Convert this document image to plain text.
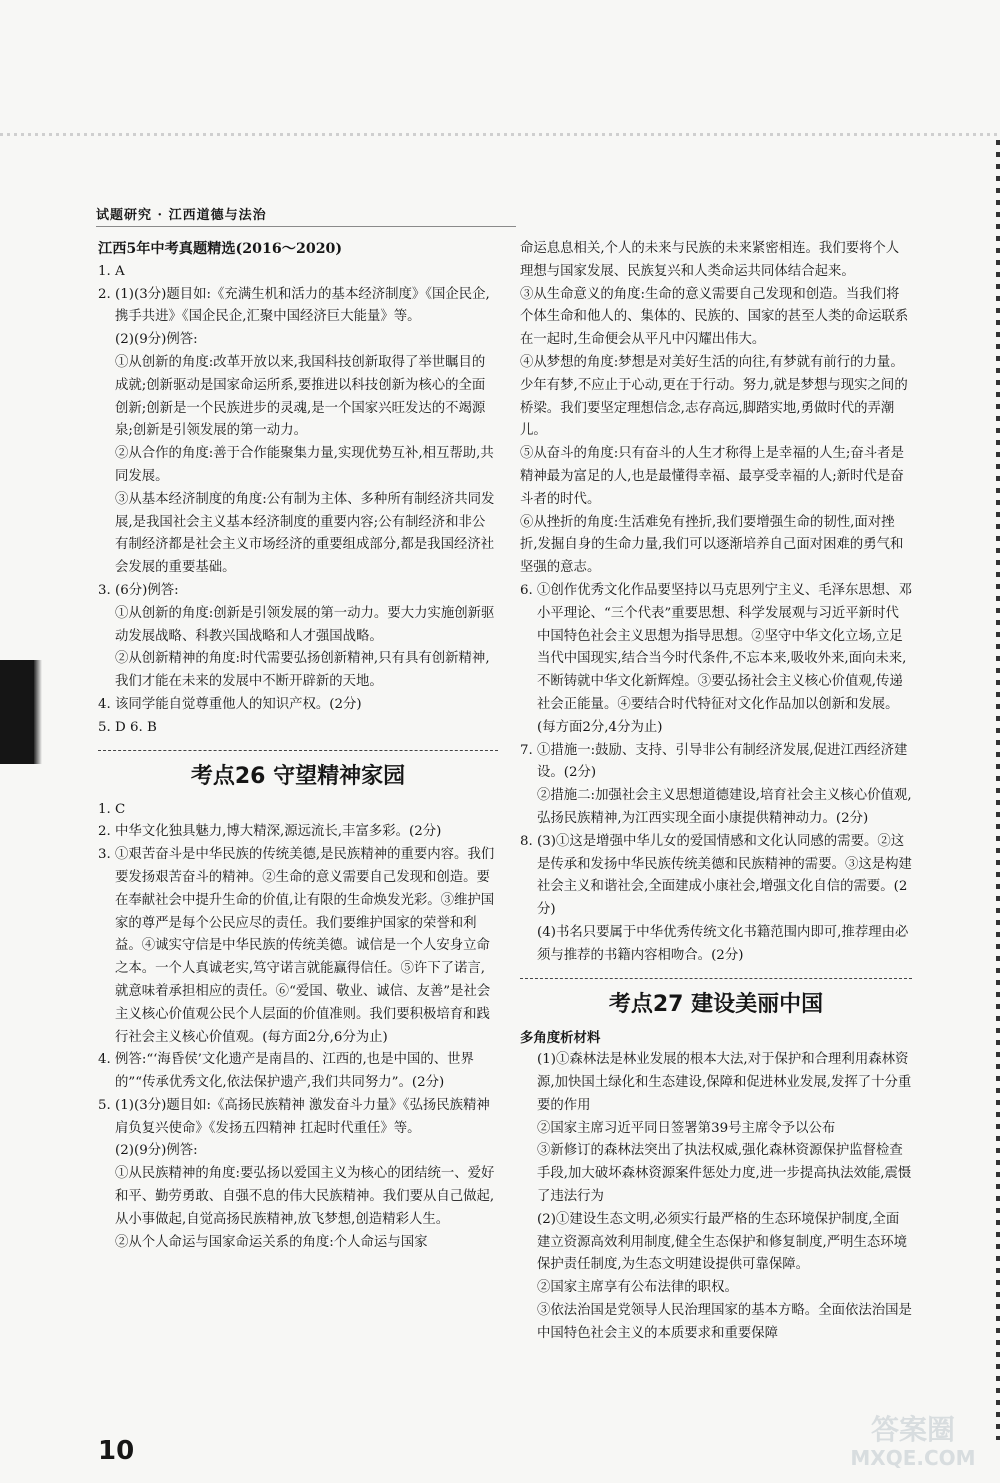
试题研究 · 江西道德与法治

江西5年中考真题精选(2016～2020)

1. A

2. (1)(3分)题目如:《充满生机和活力的基本经济制度》《国企民企,携手共进》《国企民企,汇聚中国经济巨大能量》等。

(2)(9分)例答:

①从创新的角度:改革开放以来,我国科技创新取得了举世瞩目的成就;创新驱动是国家命运所系,要推进以科技创新为核心的全面创新;创新是一个民族进步的灵魂,是一个国家兴旺发达的不竭源泉;创新是引领发展的第一动力。

②从合作的角度:善于合作能聚集力量,实现优势互补,相互帮助,共同发展。

③从基本经济制度的角度:公有制为主体、多种所有制经济共同发展,是我国社会主义基本经济制度的重要内容;公有制经济和非公有制经济都是社会主义市场经济的重要组成部分,都是我国经济社会发展的重要基础。

3. (6分)例答:

①从创新的角度:创新是引领发展的第一动力。要大力实施创新驱动发展战略、科教兴国战略和人才强国战略。

②从创新精神的角度:时代需要弘扬创新精神,只有具有创新精神,我们才能在未来的发展中不断开辟新的天地。

4. 该同学能自觉尊重他人的知识产权。(2分)

5. D 6. B

考点26 守望精神家园

1. C

2. 中华文化独具魅力,博大精深,源远流长,丰富多彩。(2分)

3. ①艰苦奋斗是中华民族的传统美德,是民族精神的重要内容。我们要发扬艰苦奋斗的精神。②生命的意义需要自己发现和创造。要在奉献社会中提升生命的价值,让有限的生命焕发光彩。③维护国家的尊严是每个公民应尽的责任。我们要维护国家的荣誉和利益。④诚实守信是中华民族的传统美德。诚信是一个人安身立命之本。一个人真诚老实,笃守诺言就能赢得信任。⑤许下了诺言,就意味着承担相应的责任。⑥“爱国、敬业、诚信、友善”是社会主义核心价值观公民个人层面的价值准则。我们要积极培育和践行社会主义核心价值观。(每方面2分,6分为止)

4. 例答:“‘海昏侯’文化遗产是南昌的、江西的,也是中国的、世界的”“传承优秀文化,依法保护遗产,我们共同努力”。(2分)

5. (1)(3分)题目如:《高扬民族精神 激发奋斗力量》《弘扬民族精神 肩负复兴使命》《发扬五四精神 扛起时代重任》等。

(2)(9分)例答:

①从民族精神的角度:要弘扬以爱国主义为核心的团结统一、爱好和平、勤劳勇敢、自强不息的伟大民族精神。我们要从自己做起,从小事做起,自觉高扬民族精神,放飞梦想,创造精彩人生。

②从个人命运与国家命运关系的角度:个人命运与国家

命运息息相关,个人的未来与民族的未来紧密相连。我们要将个人理想与国家发展、民族复兴和人类命运共同体结合起来。

③从生命意义的角度:生命的意义需要自己发现和创造。当我们将个体生命和他人的、集体的、民族的、国家的甚至人类的命运联系在一起时,生命便会从平凡中闪耀出伟大。

④从梦想的角度:梦想是对美好生活的向往,有梦就有前行的力量。少年有梦,不应止于心动,更在于行动。努力,就是梦想与现实之间的桥梁。我们要坚定理想信念,志存高远,脚踏实地,勇做时代的弄潮儿。

⑤从奋斗的角度:只有奋斗的人生才称得上是幸福的人生;奋斗者是精神最为富足的人,也是最懂得幸福、最享受幸福的人;新时代是奋斗者的时代。

⑥从挫折的角度:生活难免有挫折,我们要增强生命的韧性,面对挫折,发掘自身的生命力量,我们可以逐渐培养自己面对困难的勇气和坚强的意志。

6. ①创作优秀文化作品要坚持以马克思列宁主义、毛泽东思想、邓小平理论、“三个代表”重要思想、科学发展观与习近平新时代中国特色社会主义思想为指导思想。②坚守中华文化立场,立足当代中国现实,结合当今时代条件,不忘本来,吸收外来,面向未来,不断铸就中华文化新辉煌。③要弘扬社会主义核心价值观,传递社会正能量。④要结合时代特征对文化作品加以创新和发展。(每方面2分,4分为止)

7. ①措施一:鼓励、支持、引导非公有制经济发展,促进江西经济建设。(2分)

②措施二:加强社会主义思想道德建设,培育社会主义核心价值观,弘扬民族精神,为江西实现全面小康提供精神动力。(2分)

8. (3)①这是增强中华儿女的爱国情感和文化认同感的需要。②这是传承和发扬中华民族传统美德和民族精神的需要。③这是构建社会主义和谐社会,全面建成小康社会,增强文化自信的需要。(2分)

(4)书名只要属于中华优秀传统文化书籍范围内即可,推荐理由必须与推荐的书籍内容相吻合。(2分)

考点27 建设美丽中国

多角度析材料

(1)①森林法是林业发展的根本大法,对于保护和合理利用森林资源,加快国土绿化和生态建设,保障和促进林业发展,发挥了十分重要的作用

②国家主席习近平同日签署第39号主席令予以公布

③新修订的森林法突出了执法权威,强化森林资源保护监督检查手段,加大破坏森林资源案件惩处力度,进一步提高执法效能,震慑了违法行为

(2)①建设生态文明,必须实行最严格的生态环境保护制度,全面建立资源高效利用制度,健全生态保护和修复制度,严明生态环境保护责任制度,为生态文明建设提供可靠保障。

②国家主席享有公布法律的职权。

③依法治国是党领导人民治理国家的基本方略。全面依法治国是中国特色社会主义的本质要求和重要保障

10
答案圈
MXQE.COM
